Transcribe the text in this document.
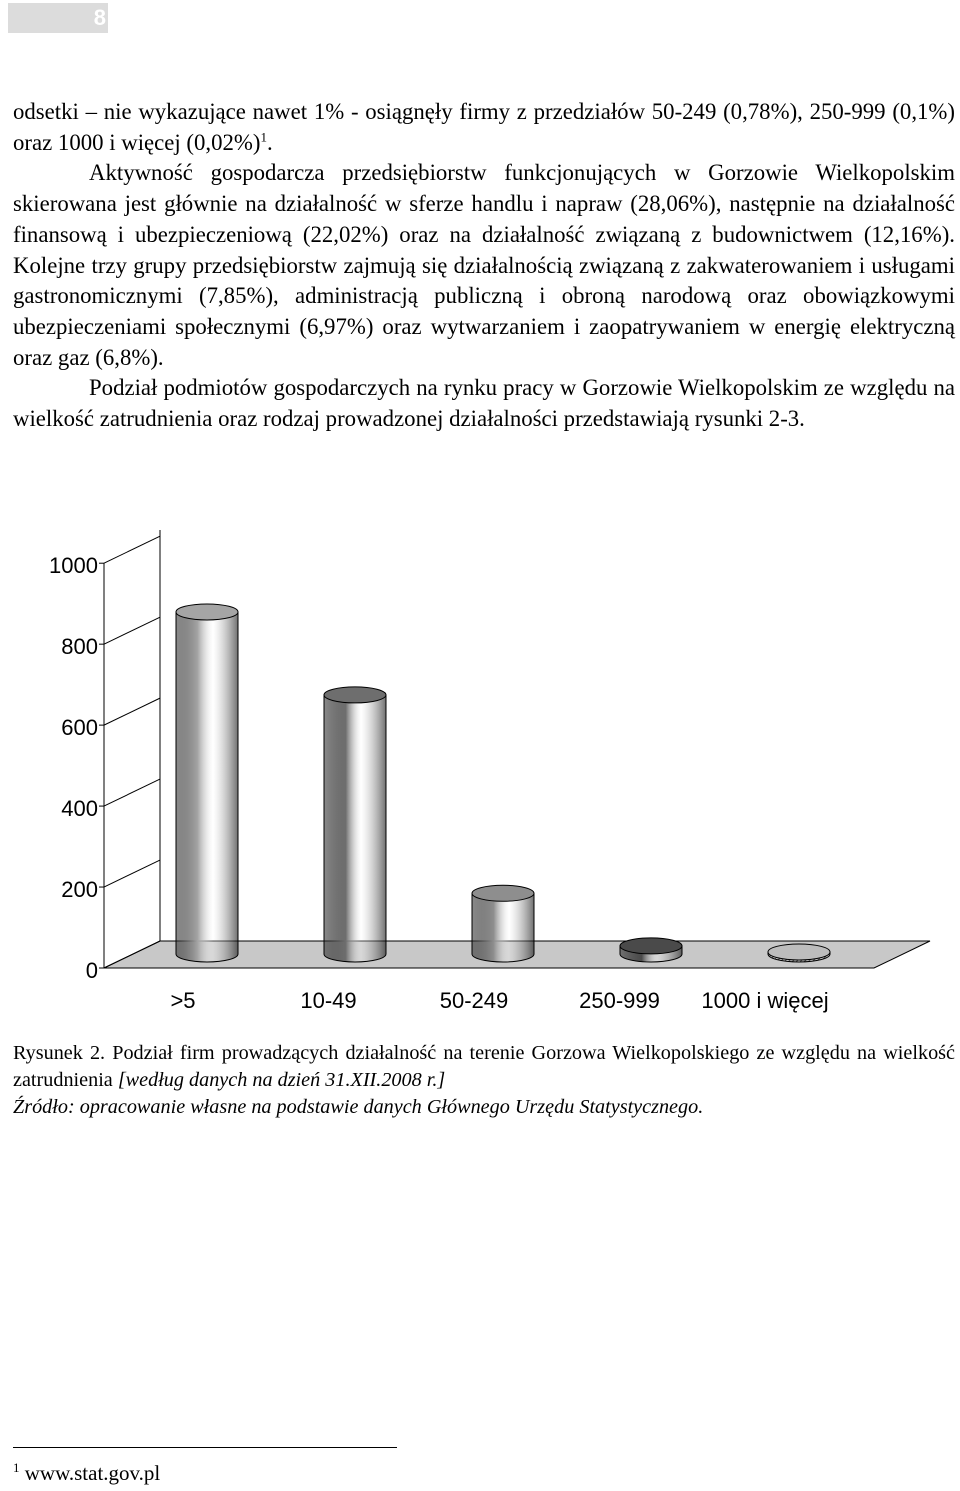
8

odsetki – nie wykazujące nawet 1% - osiągnęły firmy z przedziałów 50-249 (0,78%), 250-999 (0,1%) oraz 1000 i więcej $(0,02\%)^1$.

Aktywność gospodarcza przedsiębiorstw funkcjonujących w Gorzowie Wielkopolskim skierowana jest głównie na działalność w sferze handlu i napraw (28,06%), następnie na działalność finansową i ubezpieczeniową (22,02%) oraz na działalność związaną z budownictwem (12,16%). Kolejne trzy grupy przedsiębiorstw zajmują się działalnością związaną z zakwaterowaniem i usługami gastronomicznymi (7,85%), administracją publiczną i obroną narodową oraz obowiązkowymi ubezpieczeniami społecznymi (6,97%) oraz wytwarzaniem i zaopatrywaniem w energię elektryczną oraz gaz (6,8%).

Podział podmiotów gospodarczych na rynku pracy w Gorzowie Wielkopolskim ze względu na wielkość zatrudnienia oraz rodzaj prowadzonej działalności przedstawiają rysunki 2-3.

0
200
400
600
800
1000
>5	10-49	50-249	250-999 1000 i więcej

Rysunek 2. Podział firm prowadzących działalność na terenie Gorzowa Wielkopolskiego ze względu na wielkość zatrudnienia [według danych na dzień 31.XII.2008 r.]

Źródło: opracowanie własne na podstawie danych Głównego Urzędu Statystycznego.

$^1$ www.stat.gov.pl
